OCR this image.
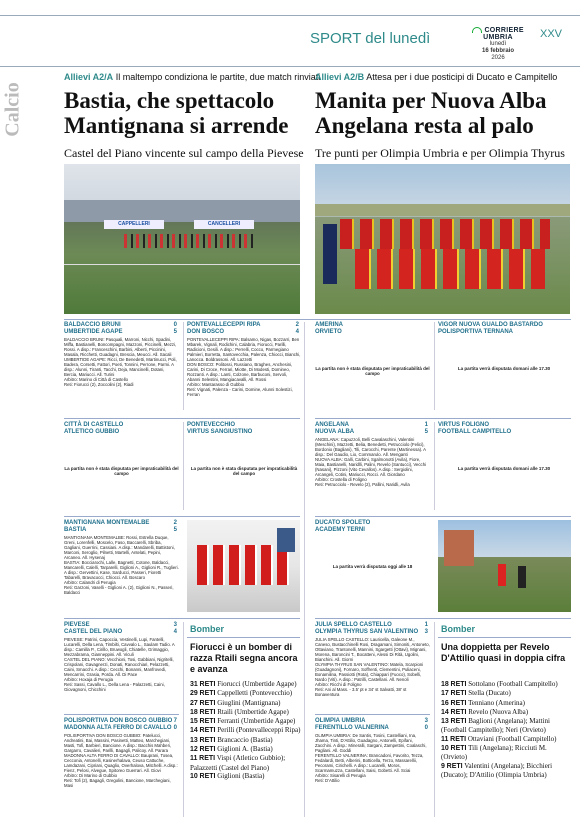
SPORT del lunedì	CORRIERE UMBRIA
lunedì
16 febbraio
2026
XXV
Calcio
Allievi A2/A Il maltempo condiziona le partite, due match rinviati
Bastia, che spettacolo
Mantignana si arrende
Castel del Piano vincente sul campo della Pievese
Allievi A2/B Attesa per i due posticipi di Ducato e Campitello
Manita per Nuova Alba
Angelana resta al palo
Tre punti per Olimpia Umbria e per Olimpia Thyrus
CAPPELLERI	CANCELLERI
BALDACCIO BRUNI	0
UMBERTIDE AGAPE	5

BALDACCIO BRUNI: Pasquali, Marroni, Nicchi, Spadini, Miffa, Bastianelli, Boncompagni, Mazzoni, Piccinelli, Mezzi, Rossi. A disp.: Franceschini, Barbini, Alberti, Piccinini, Masala, Ricchetti, Guadagni, Brescia, Meucci. All. Sacali
UMBERTIDE AGAPE: Ricci, De Benedetti, Martinucci, Poli, Badera, Corsetti, Fattori, Poeti, Tonnini, Perrone, Parmi. A disp.: Alunni, Tiranti, Tacchi, Deja, Mancinelli, Dotani, Bercia, Mariucci. All. Turini
Arbitro: Marino di Città di Castello
Reti: Fiorucci (2), Zoccolini (2), Riadi

PONTEVALLECEPPI RIPA	2
DON BOSCO	4

PONTEVALLECEPPI RIPA: Balsamo, Nigas, Bozzarri, Ben Mbarek, Vignali, Rodichini, Calabria, Fiorucci, Parilli, Radicioni, Gesili. A disp.: Perrelli, Cocco, Parmegiano Palmieri, Borretta, Santovecchia, Palenza, Chiocci, Bianchi, Lanocca. Boldrassoni. All. Lazzetti
DON BOSCO: Politossi, Russiano, Braghes, Anchesini, Carini, Di Croce, Ferrari, Miotte, Di Modesti, Domineo, Rozzanti. A disp.: Lanti, Colzone, Barbuconi, Servoli, Abanni Selestini, Mangiacavalli, All. Rossi
Arbitro: Mantarasso di Gubbio
Reti: Vignati, Palenza - Carini, Domine, Alunni Solestizi, Ferran

AMERINA
ORVIETO
La partita non è stata disputata per impraticabilità del campo
VIGOR NUOVA GUALDO BASTARDO
POLISPORTIVA TERNANA
La partita verrà disputata domani alle 17.30
CITTÀ DI CASTELLO
ATLETICO GUBBIO
La partita non è stata disputata per impraticabilità del campo
PONTEVECCHIO
VIRTUS SANGIUSTINO
La partita non è stata disputata per impraticabilità del campo
ANGELANA	1
NUOVA ALBA	5

ANGELANA: Capuzzoli, Belli Cavalaschini, Valentini (Meschini), Mazzetti, Belia, Benedetti, Petrucciolo (Felici), Bordonio (Bagliani), Tili, Carocchi, Parente (Martinessa). A disp.: Del Gaudio, Lio, Commarulo. All. Menganti
NUOVA ALBA: Galli, Carbini, Sgalmonotti (Avila), Fiore, Maia, Bastianelli, Naridlli, Palini, Revelo (Santucci), Vecchi (Nasani), Pizzoni (Vito Cevallos). A disp.: Sergiolini, Arcangeli, Cotini, Mariucci, Rocci. All. Giordano
Arbitro: Crostella di Foligno
Reti: Petrucciolo - Revelo (2), Pallini, Naridli, Avila

VIRTUS FOLIGNO
FOOTBALL CAMPITELLO
La partita verrà disputata domani alle 17.30
MANTIGNANA MONTEMALBE	2
BASTIA	5

MANTIGNANA MONTEMALBE: Rossi, Estrella Duque, Greni, Lorenfelli, Moscelo, Faso, Baccarelli, Sbriba, Gagliani, Guerrini, Cassiani. A disp.: Mandarelli, Battistoni, Marconi, Seroglio, Pilnetti, Martelli, Antelati, Pepini, Arcaneo. All. Hysenaj
BASTIA: Bocciarochi, Lalle, Bagnetti, Cotone, Baldacci, Mancarelli, Calelli, Tarparelli, Giglioni A., Giglioni R., Tuglieri. A disp.: Gervettini, Kase, Sarducci, Passeri, Fioretti Tabarelli, Bravacocci, Chiocci. All. Boscaro
Arbitro: Calandri di Perugia
Reti: Garzoni, Vaselli - Giglioni A. (2), Giglioni N., Passeri, Baldacci

DUCATO SPOLETO
ACADEMY TERNI
La partita verrà disputata oggi alle 18
PIEVESE	3
CASTEL DEL PIANO	4

PIEVESE: Patrini, Capoccia, Vestinelli, Lupi, Fantelli, Lucarelli, Della Lena, Timbilti, Cavvalo L., Saulam Tadio. A disp.: Camilla P., Cirillo, Bruwogli, Chiatelle, Grimaggio, Mezzabrama, Gianneppini. All. Viculi
CASTEL DEL PIANO: Vecchioni, Tosi, Gabbiani, Nigritelli, Crispolani, Gavagnerzi, Donati, Ranocchiari, Pelazzetti, Caini, Smacchi. A disp.: Cecchi, Bonanni, Manfrovedi, Mencarrini, Grasia, Porda. All. Di Pace
Arbitro: Hoxaja di Perugia
Reti: Sassi, Cavallo L., Della Lena - Palazzetti, Caini, Giovagnoni, Chicchini

Bomber
Fiorucci è un bomber di razza Rtaili segna ancora e avanza
31 RETI Fiorucci (Umbertide Agape)
29 RETI Cappelletti (Pontevecchio)
27 RETI Giuglini (Mantignana)
18 RETI Rtaili (Umbertide Agape)
15 RETI Ferranti (Umbertide Agape)
14 RETI Perilli (Pontevalleceppi Ripa)
13 RETI Brancaccio (Bastia)
12 RETI Giglioni A. (Bastia)
11 RETI Vispi (Atletico Gubbio); Palazzetti (Castel del Piano)
10 RETI Giglioni (Bastia)
JULIA SPELLO CASTELLO	1
OLYMPIA THYRUS SAN VALENTINO 3

JULIA SPELLO CASTELLO: Lauricella, Galeone M., Caneso, Bustacchinelli Rosi, Dragamani, Simoniti, Antoneto, Ottaviano, Trantonelli, Mannini, Sgargetti (Ottavi), Mignani, Morena, Baroncini T., Bocatteni, Alessi Di Rità, Ugolini, Bianchini. All. Giorni
OLYMPIA THYRUS SAN VALENTINO: Matela, Scarpioni (Guadagnoni), Fornaro, Soffrenti, Clementini, Puliaceni, Bonamilina, Passiotti (Rota), Chiappari (Fuoco), Sobelli, Nardo (Viti). A disp.: Patrilli, Castellani. All. Nenoli
Arbitro: Ricchi di Foligno
Reti: Ani al Mass. - 3.5' pt e 34' st Salvatti, 38' st Bonaventura

Bomber
Una doppietta per Revelo D'Attilio quasi in doppia cifra
18 RETI Sottolano (Football Campitello)
17 RETI Stella (Ducato)
16 RETI Tenniano (Amerina)
14 RETI Revelo (Nuova Alba)
13 RETI Baglioni (Angelana); Mattini (Football Campitello); Neri (Orvieto)
11 RETI Ottaviani (Football Campitello)
10 RETI Tili (Angelana); Ricciuti M. (Orvieto)
9 RETI Valentini (Angelana); Bicchieri (Ducato); D'Attilio (Olimpia Umbria)
POLISPORTIVA DON BOSCO GUBBIO 7
MADONNA ALTA FERRO DI CAVALLO 0

POLISPORTIVA DON BOSCO GUBBIO: Patelucci, Andreatini, Bai, Massini, Pasinetti, Matteo, Marchegiani, Masti, Tofi, Barbieri, Bancione. A disp.: Bacchis Mahberi, Gargarro, Cavalieri, Parilli, Bagagli, Palicoy. All. Parara
MADONNA ALTA FERRO DI CAVALLO: Bauprani, Tosea, Cecconia, Antonelli, Kasinerhalava, Ceuso Cattuche, Lamdazani, Cipriani, Quaglio, Overhalova, Mitchelli. A disp.: Fienz, Pelosi, Alvegue, Spitoreo Guerrari. All. Giovi
Arbitro: Di Marino di Gubbio
Reti: Tofi (2), Bagagli, Gregolini, Bancione, Marchegiani, Masi

OLIMPIA UMBRIA	3
FERENTILLO VALNERINA	0

OLIMPIA UMBRIA: De Santis, Tosini, Castelliani, Ina, Jhama, Tinti, D'Attilio, Guadagno, Antonelli, Epifani, Zacchini. A disp.: Mineralli, Sargani, Zampettini, Coalaschi, Pagliani. All. Goddi
FERENTILLO VALNERINA: Brancadoni, Favorito, Tezza, Fedalardi, Betti, Alberini, Botticella, Terzo, Massarellii, Pecorami, Cirichelli. A disp.: Lucarelli, Moros, Scarmamuzza, Castellani, Saisi, Gobetti. All. Sciai
Arbitro: Sisarelli di Perugia
Reti: D'Attilio
